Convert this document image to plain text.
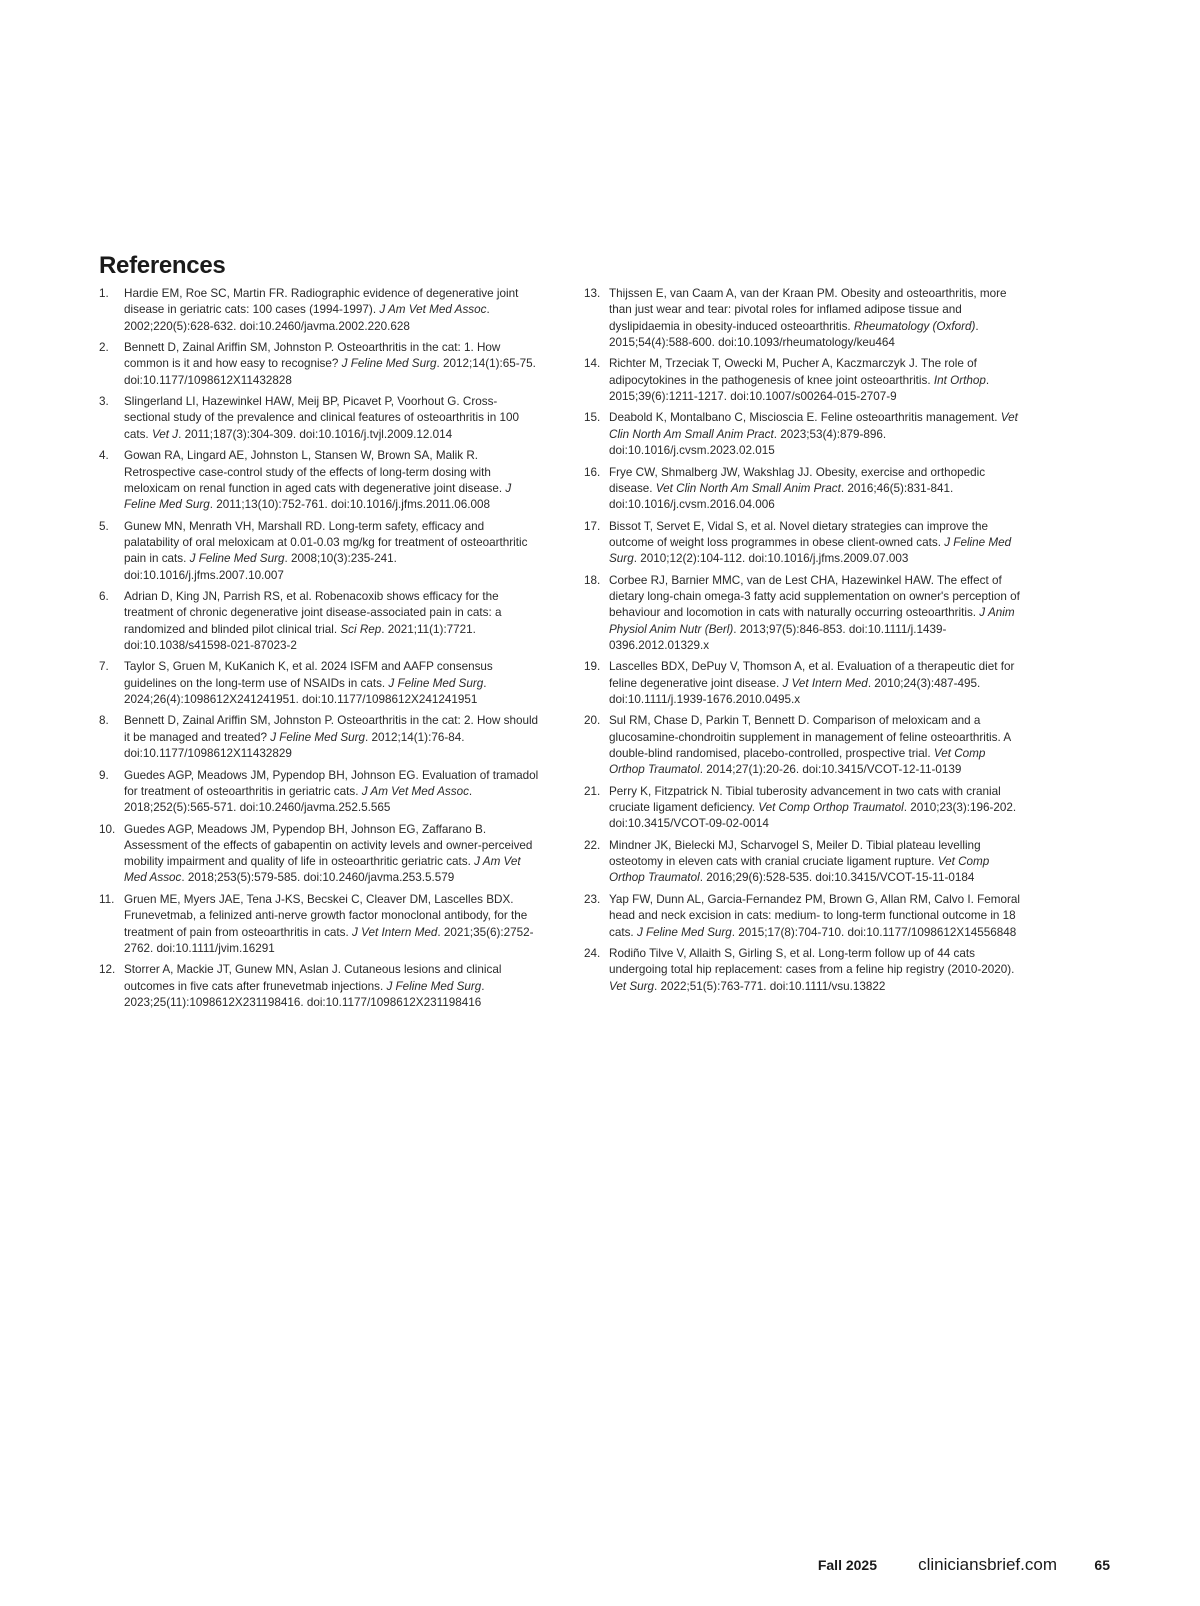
References
1. Hardie EM, Roe SC, Martin FR. Radiographic evidence of degenerative joint disease in geriatric cats: 100 cases (1994-1997). J Am Vet Med Assoc. 2002;220(5):628-632. doi:10.2460/javma.2002.220.628
2. Bennett D, Zainal Ariffin SM, Johnston P. Osteoarthritis in the cat: 1. How common is it and how easy to recognise? J Feline Med Surg. 2012;14(1):65-75. doi:10.1177/1098612X11432828
3. Slingerland LI, Hazewinkel HAW, Meij BP, Picavet P, Voorhout G. Cross-sectional study of the prevalence and clinical features of osteoarthritis in 100 cats. Vet J. 2011;187(3):304-309. doi:10.1016/j.tvjl.2009.12.014
4. Gowan RA, Lingard AE, Johnston L, Stansen W, Brown SA, Malik R. Retrospective case-control study of the effects of long-term dosing with meloxicam on renal function in aged cats with degenerative joint disease. J Feline Med Surg. 2011;13(10):752-761. doi:10.1016/j.jfms.2011.06.008
5. Gunew MN, Menrath VH, Marshall RD. Long-term safety, efficacy and palatability of oral meloxicam at 0.01-0.03 mg/kg for treatment of osteoarthritic pain in cats. J Feline Med Surg. 2008;10(3):235-241. doi:10.1016/j.jfms.2007.10.007
6. Adrian D, King JN, Parrish RS, et al. Robenacoxib shows efficacy for the treatment of chronic degenerative joint disease-associated pain in cats: a randomized and blinded pilot clinical trial. Sci Rep. 2021;11(1):7721. doi:10.1038/s41598-021-87023-2
7. Taylor S, Gruen M, KuKanich K, et al. 2024 ISFM and AAFP consensus guidelines on the long-term use of NSAIDs in cats. J Feline Med Surg. 2024;26(4):1098612X241241951. doi:10.1177/1098612X241241951
8. Bennett D, Zainal Ariffin SM, Johnston P. Osteoarthritis in the cat: 2. How should it be managed and treated? J Feline Med Surg. 2012;14(1):76-84. doi:10.1177/1098612X11432829
9. Guedes AGP, Meadows JM, Pypendop BH, Johnson EG. Evaluation of tramadol for treatment of osteoarthritis in geriatric cats. J Am Vet Med Assoc. 2018;252(5):565-571. doi:10.2460/javma.252.5.565
10. Guedes AGP, Meadows JM, Pypendop BH, Johnson EG, Zaffarano B. Assessment of the effects of gabapentin on activity levels and owner-perceived mobility impairment and quality of life in osteoarthritic geriatric cats. J Am Vet Med Assoc. 2018;253(5):579-585. doi:10.2460/javma.253.5.579
11. Gruen ME, Myers JAE, Tena J-KS, Becskei C, Cleaver DM, Lascelles BDX. Frunevetmab, a felinized anti-nerve growth factor monoclonal antibody, for the treatment of pain from osteoarthritis in cats. J Vet Intern Med. 2021;35(6):2752-2762. doi:10.1111/jvim.16291
12. Storrer A, Mackie JT, Gunew MN, Aslan J. Cutaneous lesions and clinical outcomes in five cats after frunevetmab injections. J Feline Med Surg. 2023;25(11):1098612X231198416. doi:10.1177/1098612X231198416
13. Thijssen E, van Caam A, van der Kraan PM. Obesity and osteoarthritis, more than just wear and tear: pivotal roles for inflamed adipose tissue and dyslipidaemia in obesity-induced osteoarthritis. Rheumatology (Oxford). 2015;54(4):588-600. doi:10.1093/rheumatology/keu464
14. Richter M, Trzeciak T, Owecki M, Pucher A, Kaczmarczyk J. The role of adipocytokines in the pathogenesis of knee joint osteoarthritis. Int Orthop. 2015;39(6):1211-1217. doi:10.1007/s00264-015-2707-9
15. Deabold K, Montalbano C, Miscioscia E. Feline osteoarthritis management. Vet Clin North Am Small Anim Pract. 2023;53(4):879-896. doi:10.1016/j.cvsm.2023.02.015
16. Frye CW, Shmalberg JW, Wakshlag JJ. Obesity, exercise and orthopedic disease. Vet Clin North Am Small Anim Pract. 2016;46(5):831-841. doi:10.1016/j.cvsm.2016.04.006
17. Bissot T, Servet E, Vidal S, et al. Novel dietary strategies can improve the outcome of weight loss programmes in obese client-owned cats. J Feline Med Surg. 2010;12(2):104-112. doi:10.1016/j.jfms.2009.07.003
18. Corbee RJ, Barnier MMC, van de Lest CHA, Hazewinkel HAW. The effect of dietary long-chain omega-3 fatty acid supplementation on owner's perception of behaviour and locomotion in cats with naturally occurring osteoarthritis. J Anim Physiol Anim Nutr (Berl). 2013;97(5):846-853. doi:10.1111/j.1439-0396.2012.01329.x
19. Lascelles BDX, DePuy V, Thomson A, et al. Evaluation of a therapeutic diet for feline degenerative joint disease. J Vet Intern Med. 2010;24(3):487-495. doi:10.1111/j.1939-1676.2010.0495.x
20. Sul RM, Chase D, Parkin T, Bennett D. Comparison of meloxicam and a glucosamine-chondroitin supplement in management of feline osteoarthritis. A double-blind randomised, placebo-controlled, prospective trial. Vet Comp Orthop Traumatol. 2014;27(1):20-26. doi:10.3415/VCOT-12-11-0139
21. Perry K, Fitzpatrick N. Tibial tuberosity advancement in two cats with cranial cruciate ligament deficiency. Vet Comp Orthop Traumatol. 2010;23(3):196-202. doi:10.3415/VCOT-09-02-0014
22. Mindner JK, Bielecki MJ, Scharvogel S, Meiler D. Tibial plateau levelling osteotomy in eleven cats with cranial cruciate ligament rupture. Vet Comp Orthop Traumatol. 2016;29(6):528-535. doi:10.3415/VCOT-15-11-0184
23. Yap FW, Dunn AL, Garcia-Fernandez PM, Brown G, Allan RM, Calvo I. Femoral head and neck excision in cats: medium- to long-term functional outcome in 18 cats. J Feline Med Surg. 2015;17(8):704-710. doi:10.1177/1098612X14556848
24. Rodiño Tilve V, Allaith S, Girling S, et al. Long-term follow up of 44 cats undergoing total hip replacement: cases from a feline hip registry (2010-2020). Vet Surg. 2022;51(5):763-771. doi:10.1111/vsu.13822
Fall 2025 cliniciansbrief.com	65
